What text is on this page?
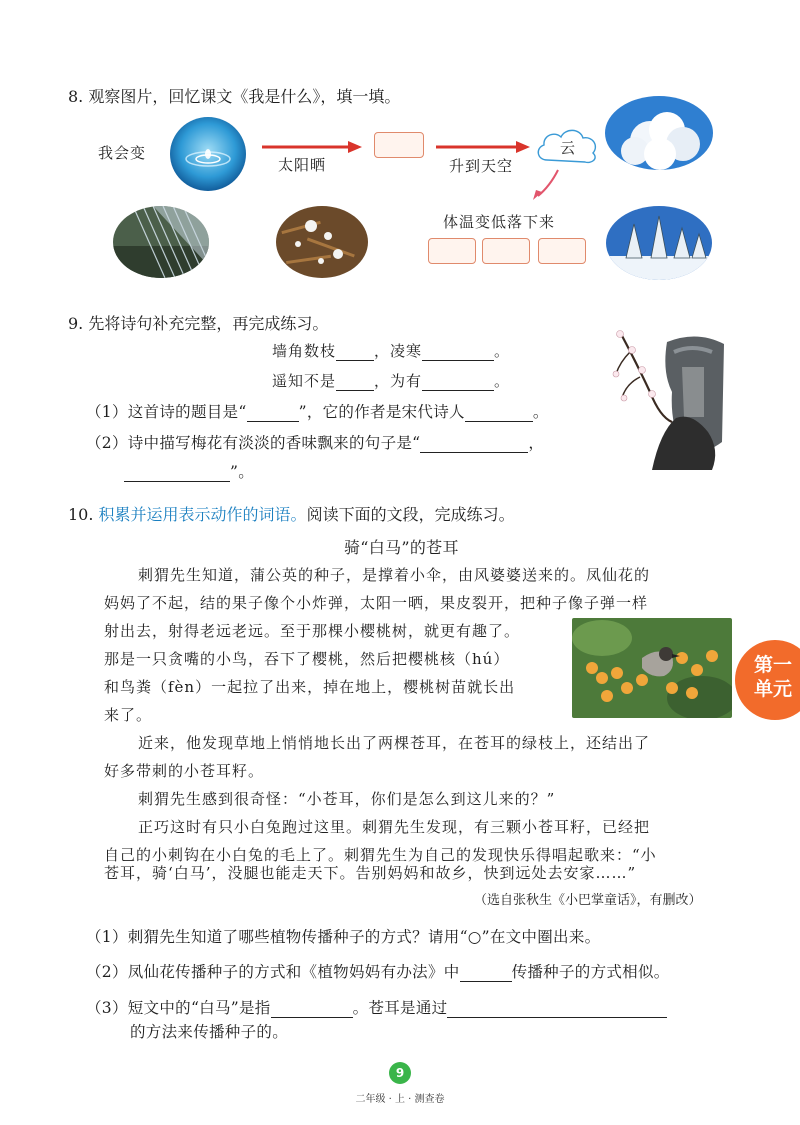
8. 观察图片，回忆课文《我是什么》，填一填。
我会变
太阳晒	升到天空
云
体温变低落下来
9. 先将诗句补充完整，再完成练习。
墙角数枝	，凌寒	。
遥知不是	，为有	。
（1）这首诗的题目是“	”，它的作者是宋代诗人	。
（2）诗中描写梅花有淡淡的香味飘来的句子是“	，
”。
10. 积累并运用表示动作的词语。阅读下面的文段，完成练习。
骑“白马”的苍耳
刺猬先生知道，蒲公英的种子，是撑着小伞，由风婆婆送来的。凤仙花的
妈妈了不起，结的果子像个小炸弹，太阳一晒，果皮裂开，把种子像子弹一样
射出去，射得老远老远。至于那棵小樱桃树，就更有趣了。
那是一只贪嘴的小鸟，吞下了樱桃，然后把樱桃核（hú）
和鸟粪（fèn）一起拉了出来，掉在地上，樱桃树苗就长出
来了。
近来，他发现草地上悄悄地长出了两棵苍耳，在苍耳的绿枝上，还结出了
好多带刺的小苍耳籽。
刺猬先生感到很奇怪：“小苍耳，你们是怎么到这儿来的？”
正巧这时有只小白兔跑过这里。刺猬先生发现，有三颗小苍耳籽，已经把
自己的小刺钩在小白兔的毛上了。刺猬先生为自己的发现快乐得唱起歌来：“小
苍耳，骑‘白马’，没腿也能走天下。告别妈妈和故乡，快到远处去安家……”
（选自张秋生《小巴掌童话》，有删改）
（1）刺猬先生知道了哪些植物传播种子的方式？请用“○”在文中圈出来。
（2）凤仙花传播种子的方式和《植物妈妈有办法》中	传播种子的方式相似。
（3）短文中的“白马”是指	。苍耳是通过
的方法来传播种子的。
第一
单元
9
二年级 · 上 · 测查卷
